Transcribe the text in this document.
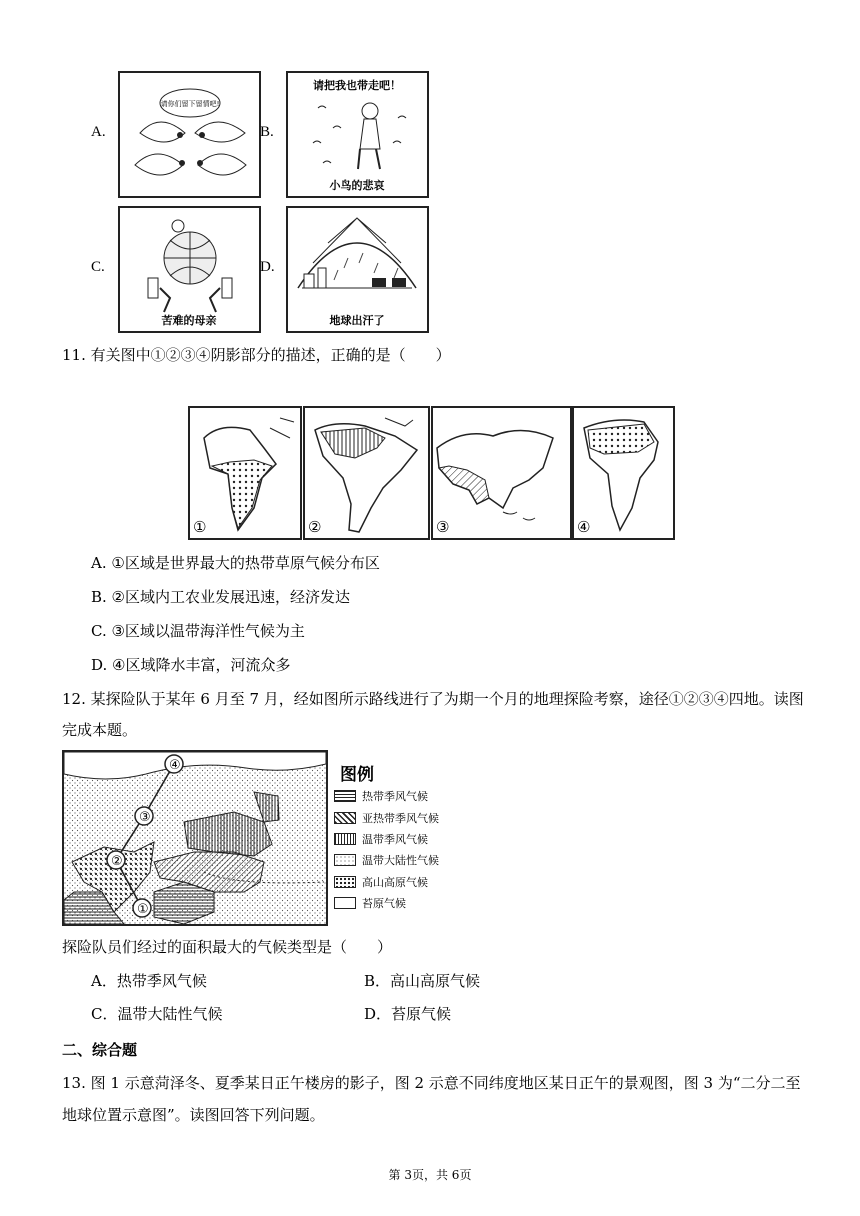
A.
请你们留下留情吧!
B.
请把我也带走吧！
小鸟的悲哀
C.
苦难的母亲
D.
地球出汗了
11. 有关图中①②③④阴影部分的描述，正确的是（　　）
①	②	③	④
A. ①区域是世界最大的热带草原气候分布区
B. ②区域内工农业发展迅速，经济发达
C. ③区域以温带海洋性气候为主
D. ④区域降水丰富，河流众多
12. 某探险队于某年 6 月至 7 月，经如图所示路线进行了为期一个月的地理探险考察，途径①②③④四地。读图
完成本题。
①
②
③
④	图例
热带季风气候
亚热带季风气候
温带季风气候
温带大陆性气候
高山高原气候
苔原气候
探险队员们经过的面积最大的气候类型是（　　）
A．热带季风气候	B．高山高原气候
C．温带大陆性气候	D．苔原气候
二、综合题
13. 图 1 示意菏泽冬、夏季某日正午楼房的影子，图 2 示意不同纬度地区某日正午的景观图，图 3 为“二分二至
地球位置示意图”。读图回答下列问题。
第 3页，共 6页
